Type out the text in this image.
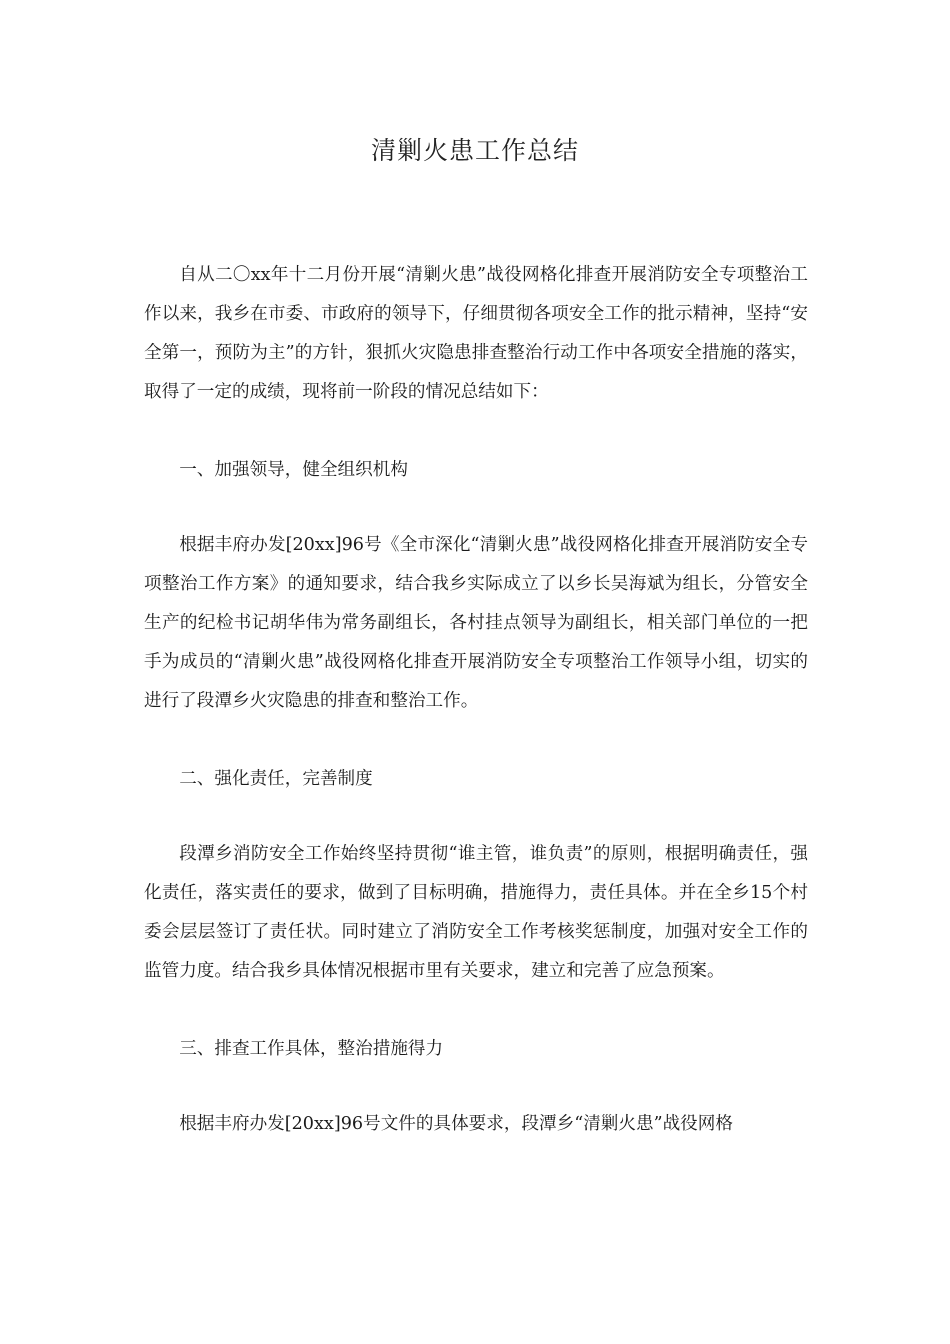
清剿火患工作总结

自从二〇xx年十二月份开展“清剿火患”战役网格化排查开展消防安全专项整治工作以来，我乡在市委、市政府的领导下，仔细贯彻各项安全工作的批示精神，坚持“安全第一，预防为主”的方针，狠抓火灾隐患排查整治行动工作中各项安全措施的落实，取得了一定的成绩，现将前一阶段的情况总结如下：

一、加强领导，健全组织机构

根据丰府办发[20xx]96号《全市深化“清剿火患”战役网格化排查开展消防安全专项整治工作方案》的通知要求，结合我乡实际成立了以乡长吴海斌为组长，分管安全生产的纪检书记胡华伟为常务副组长，各村挂点领导为副组长，相关部门单位的一把手为成员的“清剿火患”战役网格化排查开展消防安全专项整治工作领导小组，切实的进行了段潭乡火灾隐患的排查和整治工作。

二、强化责任，完善制度

段潭乡消防安全工作始终坚持贯彻“谁主管，谁负责”的原则，根据明确责任，强化责任，落实责任的要求，做到了目标明确，措施得力，责任具体。并在全乡15个村委会层层签订了责任状。同时建立了消防安全工作考核奖惩制度，加强对安全工作的监管力度。结合我乡具体情况根据市里有关要求，建立和完善了应急预案。

三、排查工作具体，整治措施得力

根据丰府办发[20xx]96号文件的具体要求，段潭乡“清剿火患”战役网格
